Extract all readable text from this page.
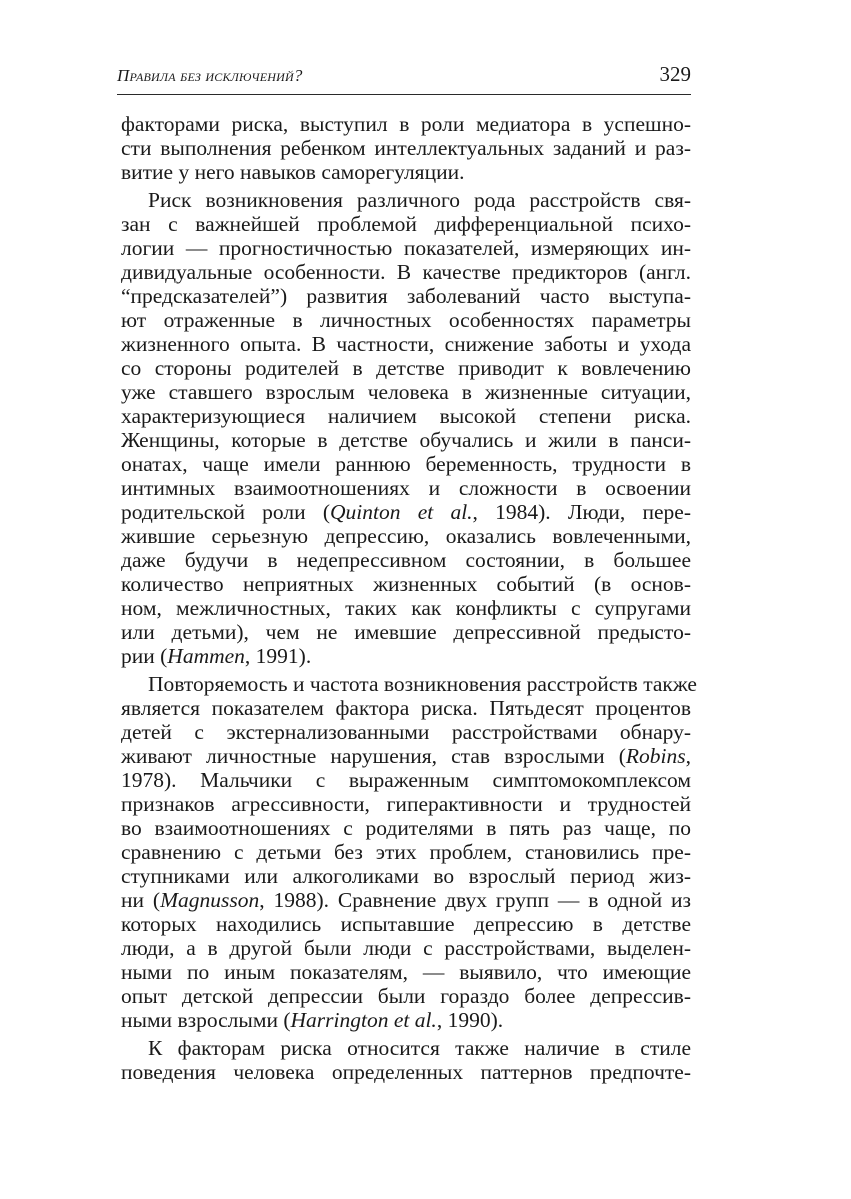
Правила без исключений?	329
факторами риска, выступил в роли медиатора в успешно-
сти выполнения ребенком интеллектуальных заданий и раз-
витие у него навыков саморегуляции.
Риск возникновения различного рода расстройств свя-
зан с важнейшей проблемой дифференциальной психо-
логии — прогностичностью показателей, измеряющих ин-
дивидуальные особенности. В качестве предикторов (англ.
“предсказателей”) развития заболеваний часто выступа-
ют отраженные в личностных особенностях параметры
жизненного опыта. В частности, снижение заботы и ухода
со стороны родителей в детстве приводит к вовлечению
уже ставшего взрослым человека в жизненные ситуации,
характеризующиеся наличием высокой степени риска.
Женщины, которые в детстве обучались и жили в панси-
онатах, чаще имели раннюю беременность, трудности в
интимных взаимоотношениях и сложности в освоении
родительской роли (Quinton et al., 1984). Люди, пере-
жившие серьезную депрессию, оказались вовлеченными,
даже будучи в недепрессивном состоянии, в большее
количество неприятных жизненных событий (в основ-
ном, межличностных, таких как конфликты с супругами
или детьми), чем не имевшие депрессивной предысто-
рии (Hammen, 1991).
Повторяемость и частота возникновения расстройств также
является показателем фактора риска. Пятьдесят процентов
детей с экстернализованными расстройствами обнару-
живают личностные нарушения, став взрослыми (Robins,
1978). Мальчики с выраженным симптомокомплексом
признаков агрессивности, гиперактивности и трудностей
во взаимоотношениях с родителями в пять раз чаще, по
сравнению с детьми без этих проблем, становились пре-
ступниками или алкоголиками во взрослый период жиз-
ни (Magnusson, 1988). Сравнение двух групп — в одной из
которых находились испытавшие депрессию в детстве
люди, а в другой были люди с расстройствами, выделен-
ными по иным показателям, — выявило, что имеющие
опыт детской депрессии были гораздо более депрессив-
ными взрослыми (Harrington et al., 1990).
К факторам риска относится также наличие в стиле
поведения человека определенных паттернов предпочте-
